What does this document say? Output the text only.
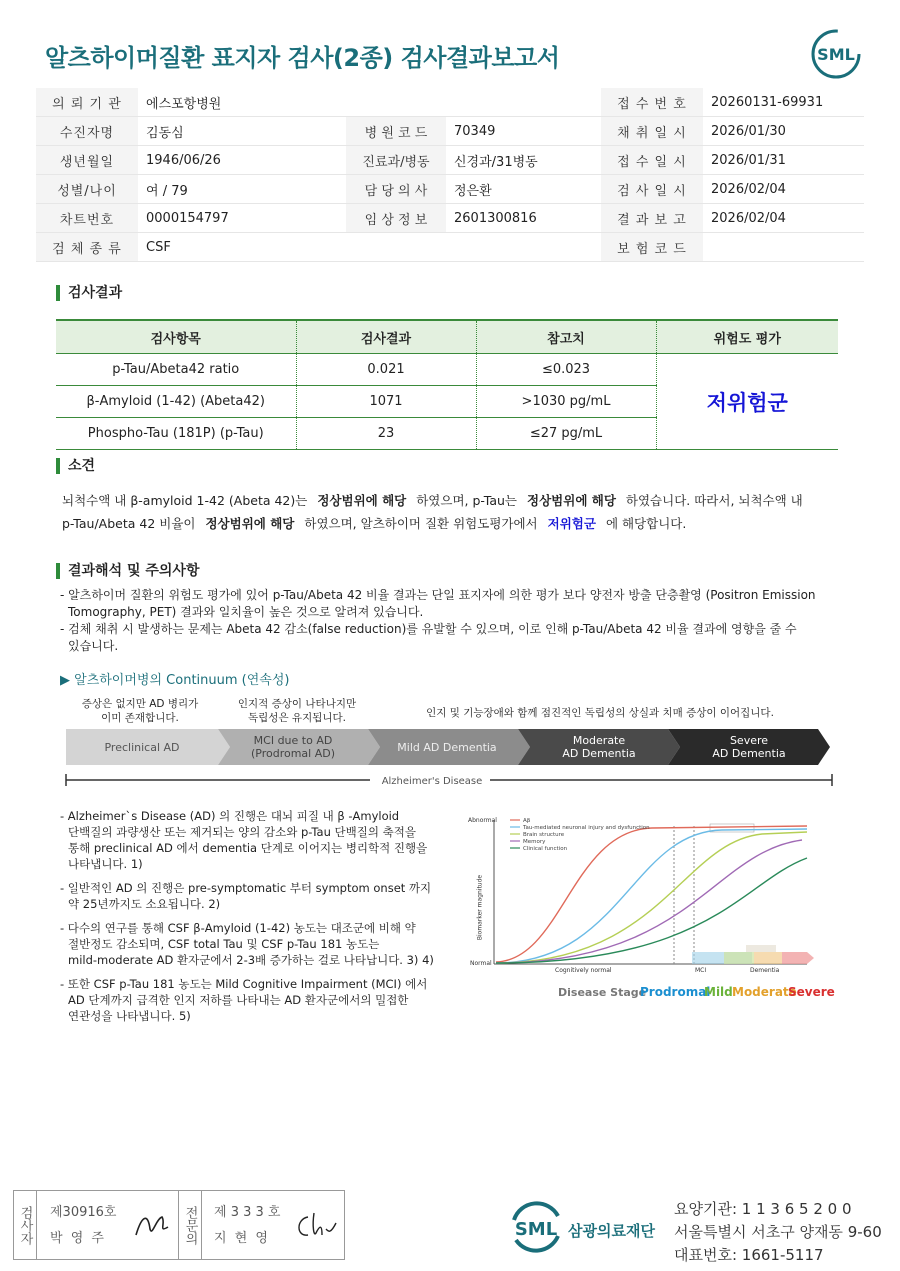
알츠하이머질환 표지자 검사(2종) 검사결과보고서	SML
의 뢰 기 관	에스포항병원			접 수 번 호	20260131-69931
수진자명	김동심	병 원 코 드	70349	채 취 일 시	2026/01/30
생년월일	1946/06/26	진료과/병동	신경과/31병동	접 수 일 시	2026/01/31
성별/나이	여 / 79	담 당 의 사	정은환	검 사 일 시	2026/02/04
차트번호	0000154797	임 상 정 보	2601300816	결 과 보 고	2026/02/04
검 체 종 류	CSF			보 험 코 드	
검사결과
검사항목	검사결과	참고치	위험도 평가
p-Tau/Abeta42 ratio	0.021	≤0.023	저위험군
β-Amyloid (1-42) (Abeta42)	1071	>1030 pg/mL	
Phospho-Tau (181P) (p-Tau)	23	≤27 pg/mL	
소견
뇌척수액 내 β-amyloid 1-42 (Abeta 42)는 정상범위에 해당 하였으며, p-Tau는 정상범위에 해당 하였습니다. 따라서, 뇌척수액 내
p-Tau/Abeta 42 비율이 정상범위에 해당 하였으며, 알츠하이머 질환 위험도평가에서 저위험군 에 해당합니다.
결과해석 및 주의사항
- 알츠하이머 질환의 위험도 평가에 있어 p-Tau/Abeta 42 비율 결과는 단일 표지자에 의한 평가 보다 양전자 방출 단층촬영 (Positron Emission
Tomography, PET) 결과와 일치율이 높은 것으로 알려져 있습니다.
- 검체 채취 시 발생하는 문제는 Abeta 42 감소(false reduction)를 유발할 수 있으며, 이로 인해 p-Tau/Abeta 42 비율 결과에 영향을 줄 수
있습니다.
▶ 알츠하이머병의 Continuum (연속성)
증상은 없지만 AD 병리가
이미 존재합니다.
인지적 증상이 나타나지만
독립성은 유지됩니다.	인지 및 기능장애와 함께 점진적인 독립성의 상실과 치매 증상이 이어집니다.
Preclinical AD	MCI due to AD
(Prodromal AD)	Mild AD Dementia	Moderate
AD Dementia
Severe
AD Dementia
Alzheimer's Disease
- Alzheimer`s Disease (AD) 의 진행은 대뇌 피질 내 β -Amyloid
단백질의 과량생산 또는 제거되는 양의 감소와 p-Tau 단백질의 축적을
통해 preclinical AD 에서 dementia 단계로 이어지는 병리학적 진행을
나타냅니다. 1)
- 일반적인 AD 의 진행은 pre-symptomatic 부터 symptom onset 까지
약 25년까지도 소요됩니다. 2)
- 다수의 연구를 통해 CSF β-Amyloid (1-42) 농도는 대조군에 비해 약
절반정도 감소되며, CSF total Tau 및 CSF p-Tau 181 농도는
mild-moderate AD 환자군에서 2-3배 증가하는 걸로 나타납니다. 3) 4)
- 또한 CSF p-Tau 181 농도는 Mild Cognitive Impairment (MCI) 에서
AD 단계까지 급격한 인지 저하를 나타내는 AD 환자군에서의 밀접한
연관성을 나타냅니다. 5)
Aβ
Tau-mediated neuronal injury and dysfunction
Brain structure
Memory
Clinical function
Abnormal
Normal
Biomarker magnitude
Cognitively normal	MCI	Dementia
Disease Stage
Prodromal
Mild Moderate
Severe
검사자	제30916호
박 영 주	전문의	제 3 3 3 호
지 현 영	SML 삼광의료재단
요양기관: 1 1 3 6 5 2 0 0
서울특별시 서초구 양재동 9-60
대표번호: 1661-5117
